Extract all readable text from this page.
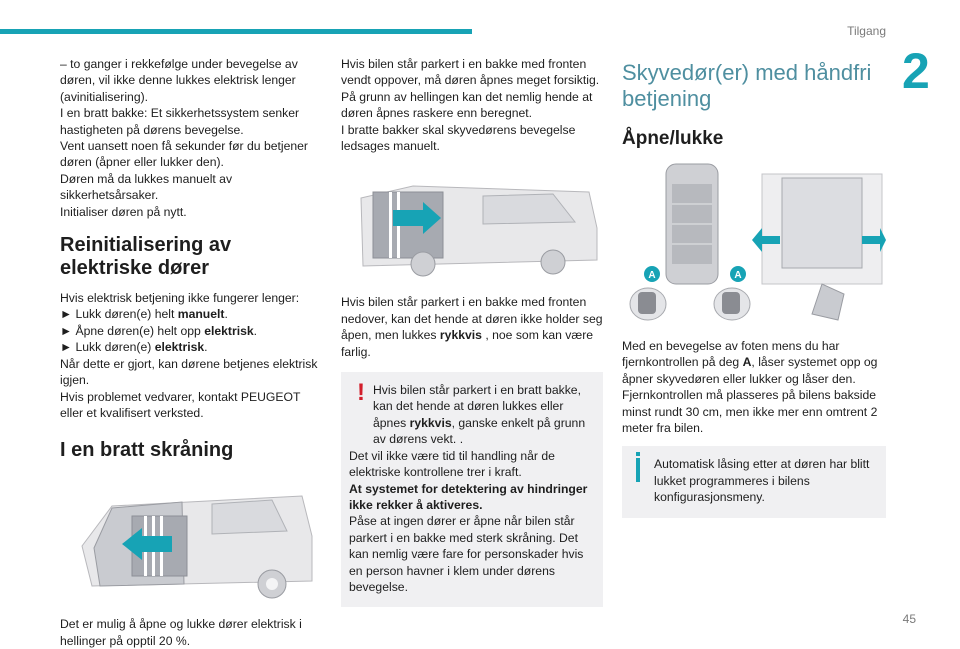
Tilgang
2
45

– to ganger i rekkefølge under bevegelse av døren, vil ikke denne lukkes elektrisk lenger (avinitialisering).

I en bratt bakke: Et sikkerhetssystem senker hastigheten på dørens bevegelse.

Vent uansett noen få sekunder før du betjener døren (åpner eller lukker den).

Døren må da lukkes manuelt av sikkerhetsårsaker.

Initialiser døren på nytt.

Reinitialisering av elektriske dører

Hvis elektrisk betjening ikke fungerer lenger:

► Lukk døren(e) helt manuelt.

► Åpne døren(e) helt opp elektrisk.

► Lukk døren(e) elektrisk.

Når dette er gjort, kan dørene betjenes elektrisk igjen.

Hvis problemet vedvarer, kontakt PEUGEOT eller et kvalifisert verksted.

I en bratt skråning

Det er mulig å åpne og lukke dører elektrisk i hellinger på opptil 20 %.

Hvis bilen står parkert i en bakke med fronten vendt oppover, må døren åpnes meget forsiktig. På grunn av hellingen kan det nemlig hende at døren åpnes raskere enn beregnet.

I bratte bakker skal skyvedørens bevegelse ledsages manuelt.

Hvis bilen står parkert i en bakke med fronten nedover, kan det hende at døren ikke holder seg åpen, men lukkes rykkvis , noe som kan være farlig.

! Hvis bilen står parkert i en bratt bakke, kan det hende at døren lukkes eller åpnes rykkvis, ganske enkelt på grunn av dørens vekt. .

Det vil ikke være tid til handling når de elektriske kontrollene trer i kraft.

At systemet for detektering av hindringer ikke rekker å aktiveres.

Påse at ingen dører er åpne når bilen står parkert i en bakke med sterk skråning. Det kan nemlig være fare for personskader hvis en person havner i klem under dørens bevegelse.

Skyvedør(er) med håndfri betjening
Åpne/lukke
A	A

Med en bevegelse av foten mens du har fjernkontrollen på deg A, låser systemet opp og åpner skyvedøren eller lukker og låser den.

Fjernkontrollen må plasseres på bilens bakside minst rundt 30 cm, men ikke mer enn omtrent 2 meter fra bilen.

Automatisk låsing etter at døren har blitt lukket programmeres i bilens konfigurasjonsmeny.
